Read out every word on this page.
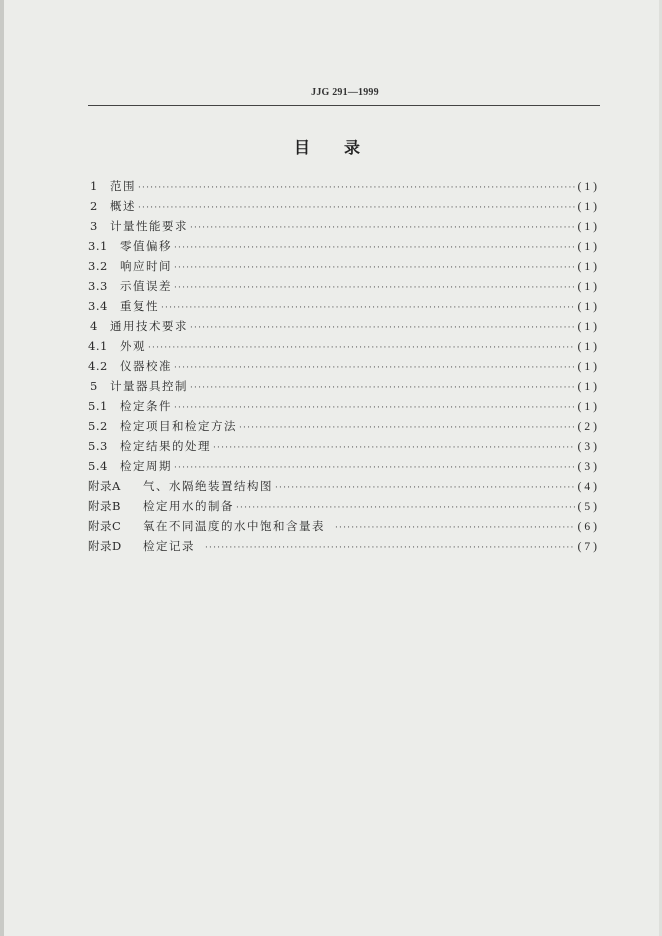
JJG 291—1999
目录
1	范围 ·····	(1)
2	概述 ·····	(1)
3	计量性能要求 ·····	(1)
3.1	零值偏移 ·····	(1)
3.2	响应时间 ·····	(1)
3.3	示值误差 ·····	(1)
3.4	重复性 ·····	(1)
4	通用技术要求 ·····	(1)
4.1	外观 ·····	(1)
4.2	仪器校准 ·····	(1)
5	计量器具控制 ·····	(1)
5.1	检定条件 ·····	(1)
5.2	检定项目和检定方法 ·····	(2)
5.3	检定结果的处理 ·····	(3)
5.4	检定周期 ·····	(3)
附录A	气、水隔绝装置结构图 ·····	(4)
附录B	检定用水的制备 ·····	(5)
附录C	氧在不同温度的水中饱和含量表 ·····	(6)
附录D	检定记录 ·····	(7)
